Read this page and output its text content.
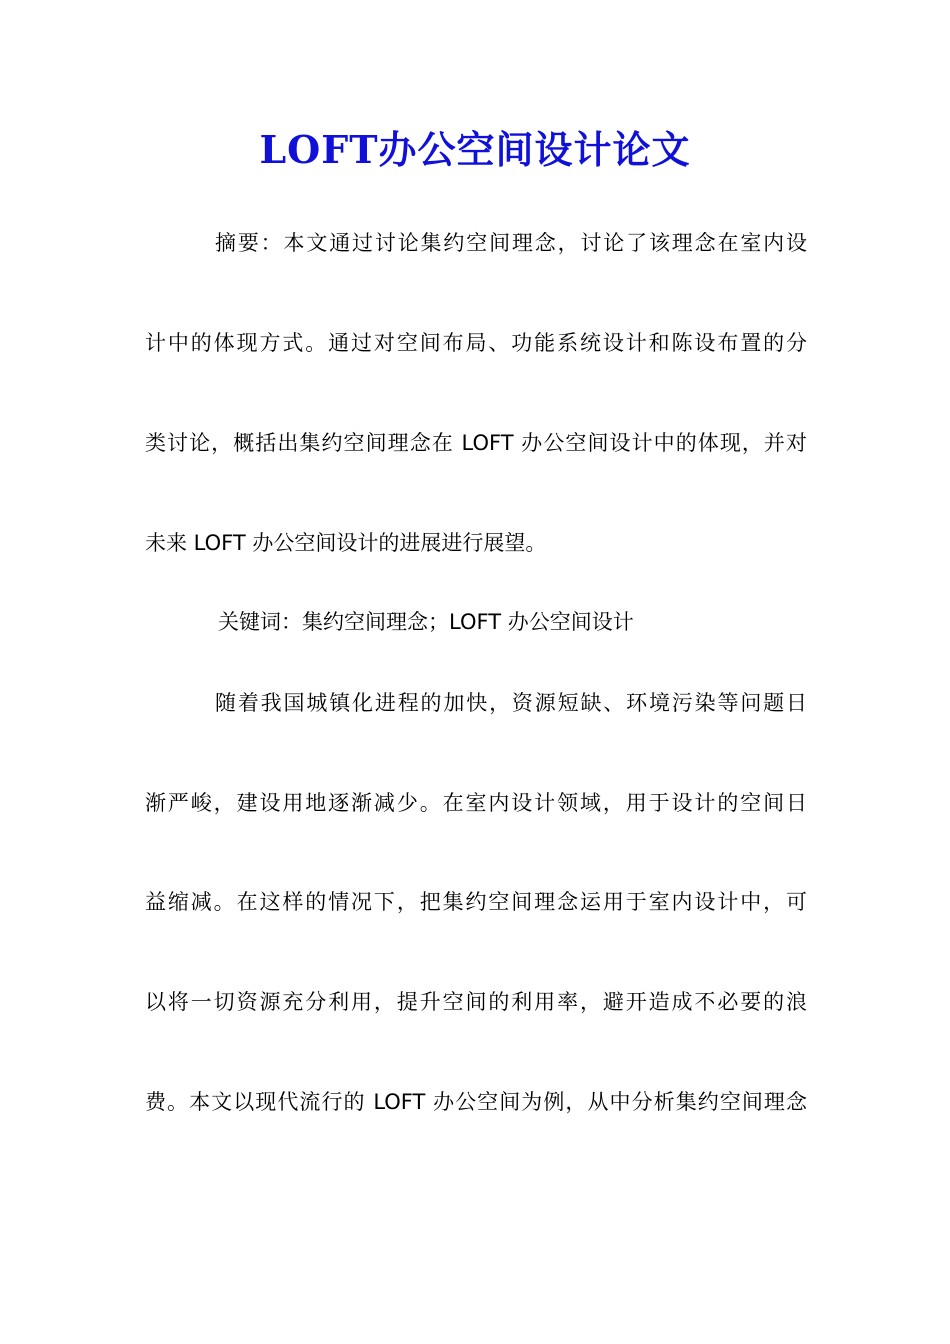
LOFT办公空间设计论文
摘要：本文通过讨论集约空间理念，讨论了该理念在室内设
计中的体现方式。通过对空间布局、功能系统设计和陈设布置的分
类讨论，概括出集约空间理念在 LOFT 办公空间设计中的体现，并对
未来 LOFT 办公空间设计的进展进行展望。
关键词：集约空间理念；LOFT 办公空间设计
随着我国城镇化进程的加快，资源短缺、环境污染等问题日
渐严峻，建设用地逐渐减少。在室内设计领域，用于设计的空间日
益缩减。在这样的情况下，把集约空间理念运用于室内设计中，可
以将一切资源充分利用，提升空间的利用率，避开造成不必要的浪
费。本文以现代流行的 LOFT 办公空间为例，从中分析集约空间理念
